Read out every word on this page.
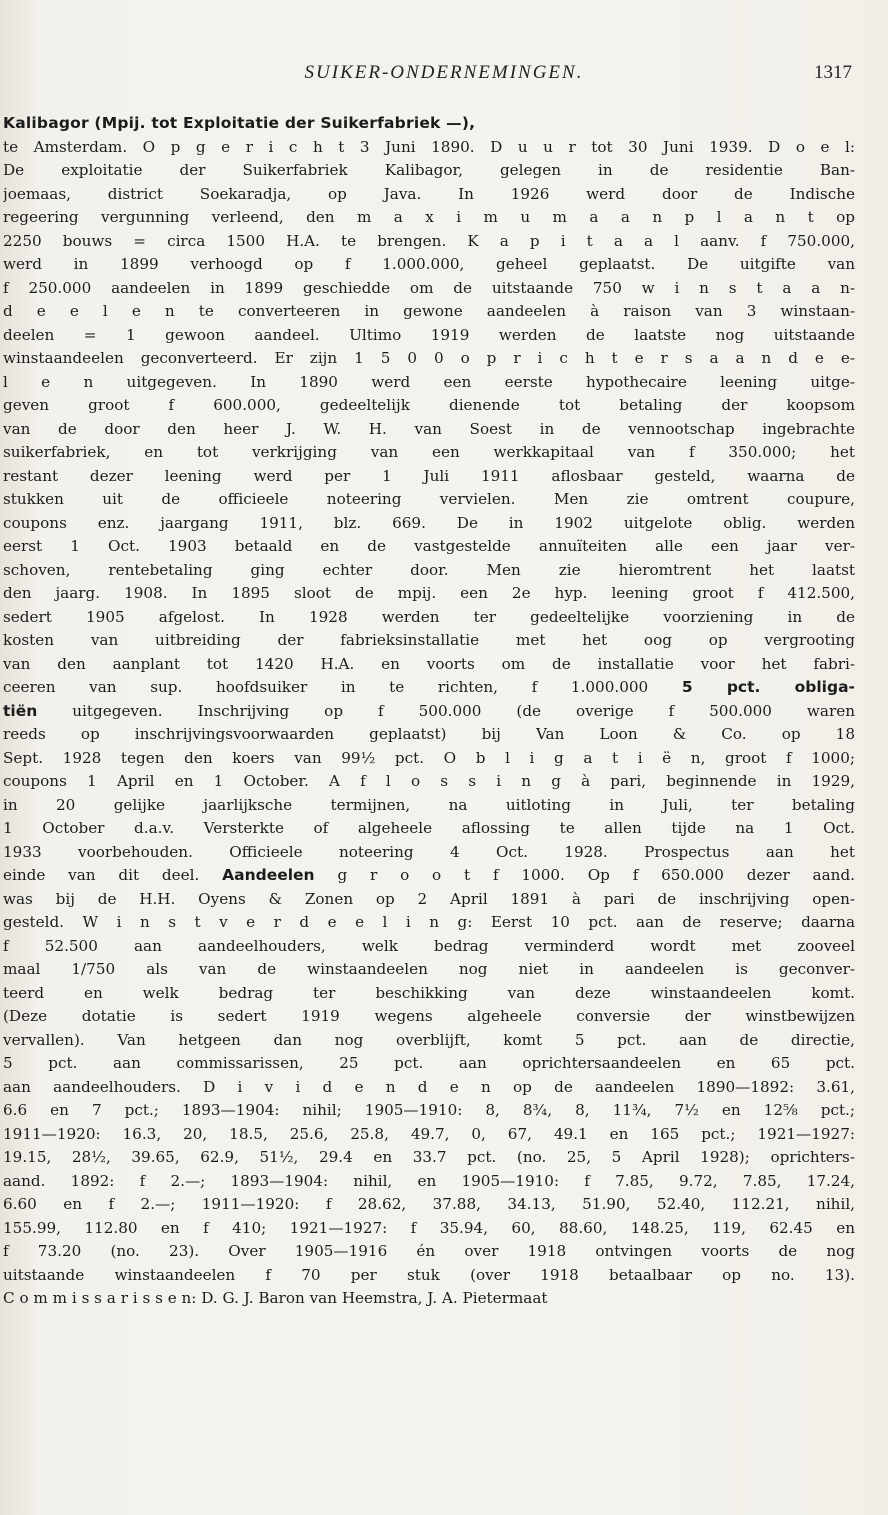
SUIKER-ONDERNEMINGEN.	1317
Kalibagor (Mpij. tot Exploitatie der Suikerfabriek —),
te Amsterdam. O p g e r i c h t 3 Juni 1890. D u u r tot 30 Juni 1939. D o e l:
De exploitatie der Suikerfabriek Kalibagor, gelegen in de residentie Ban-
joemaas, district Soekaradja, op Java. In 1926 werd door de Indische
regeering vergunning verleend, den m a x i m u m a a n p l a n t op
2250 bouws = circa 1500 H.A. te brengen. K a p i t a a l aanv. f 750.000,
werd in 1899 verhoogd op f 1.000.000, geheel geplaatst. De uitgifte van
f 250.000 aandeelen in 1899 geschiedde om de uitstaande 750 w i n s t a a n-
d e e l e n te converteeren in gewone aandeelen à raison van 3 winstaan-
deelen = 1 gewoon aandeel. Ultimo 1919 werden de laatste nog uitstaande
winstaandeelen geconverteerd. Er zijn 1 5 0 0 o p r i c h t e r s a a n d e e-
l e n uitgegeven. In 1890 werd een eerste hypothecaire leening uitge-
geven groot f 600.000, gedeeltelijk dienende tot betaling der koopsom
van de door den heer J. W. H. van Soest in de vennootschap ingebrachte
suikerfabriek, en tot verkrijging van een werkkapitaal van f 350.000; het
restant dezer leening werd per 1 Juli 1911 aflosbaar gesteld, waarna de
stukken uit de officieele noteering vervielen. Men zie omtrent coupure,
coupons enz. jaargang 1911, blz. 669. De in 1902 uitgelote oblig. werden
eerst 1 Oct. 1903 betaald en de vastgestelde annuïteiten alle een jaar ver-
schoven, rentebetaling ging echter door. Men zie hieromtrent het laatst
den jaarg. 1908. In 1895 sloot de mpij. een 2e hyp. leening groot f 412.500,
sedert 1905 afgelost. In 1928 werden ter gedeeltelijke voorziening in de
kosten van uitbreiding der fabrieksinstallatie met het oog op vergrooting
van den aanplant tot 1420 H.A. en voorts om de installatie voor het fabri-
ceeren van sup. hoofdsuiker in te richten, f 1.000.000 5 pct. obliga-
tiën uitgegeven. Inschrijving op f 500.000 (de overige f 500.000 waren
reeds op inschrijvingsvoorwaarden geplaatst) bij Van Loon & Co. op 18
Sept. 1928 tegen den koers van 99½ pct. O b l i g a t i ë n, groot f 1000;
coupons 1 April en 1 October. A f l o s s i n g à pari, beginnende in 1929,
in 20 gelijke jaarlijksche termijnen, na uitloting in Juli, ter betaling
1 October d.a.v. Versterkte of algeheele aflossing te allen tijde na 1 Oct.
1933 voorbehouden. Officieele noteering 4 Oct. 1928. Prospectus aan het
einde van dit deel. Aandeelen g r o o t f 1000. Op f 650.000 dezer aand.
was bij de H.H. Oyens & Zonen op 2 April 1891 à pari de inschrijving open-
gesteld. W i n s t v e r d e e l i n g: Eerst 10 pct. aan de reserve; daarna
f 52.500 aan aandeelhouders, welk bedrag verminderd wordt met zooveel
maal 1/750 als van de winstaandeelen nog niet in aandeelen is geconver-
teerd en welk bedrag ter beschikking van deze winstaandeelen komt.
(Deze dotatie is sedert 1919 wegens algeheele conversie der winstbewijzen
vervallen). Van hetgeen dan nog overblijft, komt 5 pct. aan de directie,
5 pct. aan commissarissen, 25 pct. aan oprichtersaandeelen en 65 pct.
aan aandeelhouders. D i v i d e n d e n op de aandeelen 1890—1892: 3.61,
6.6 en 7 pct.; 1893—1904: nihil; 1905—1910: 8, 8¾, 8, 11¾, 7½ en 12⅝ pct.;
1911—1920: 16.3, 20, 18.5, 25.6, 25.8, 49.7, 0, 67, 49.1 en 165 pct.; 1921—1927:
19.15, 28½, 39.65, 62.9, 51½, 29.4 en 33.7 pct. (no. 25, 5 April 1928); oprichters-
aand. 1892: f 2.—; 1893—1904: nihil, en 1905—1910: f 7.85, 9.72, 7.85, 17.24,
6.60 en f 2.—; 1911—1920: f 28.62, 37.88, 34.13, 51.90, 52.40, 112.21, nihil,
155.99, 112.80 en f 410; 1921—1927: f 35.94, 60, 88.60, 148.25, 119, 62.45 en
f 73.20 (no. 23). Over 1905—1916 én over 1918 ontvingen voorts de nog
uitstaande winstaandeelen f 70 per stuk (over 1918 betaalbaar op no. 13).
C o m m i s s a r i s s e n: D. G. J. Baron van Heemstra, J. A. Pietermaat
